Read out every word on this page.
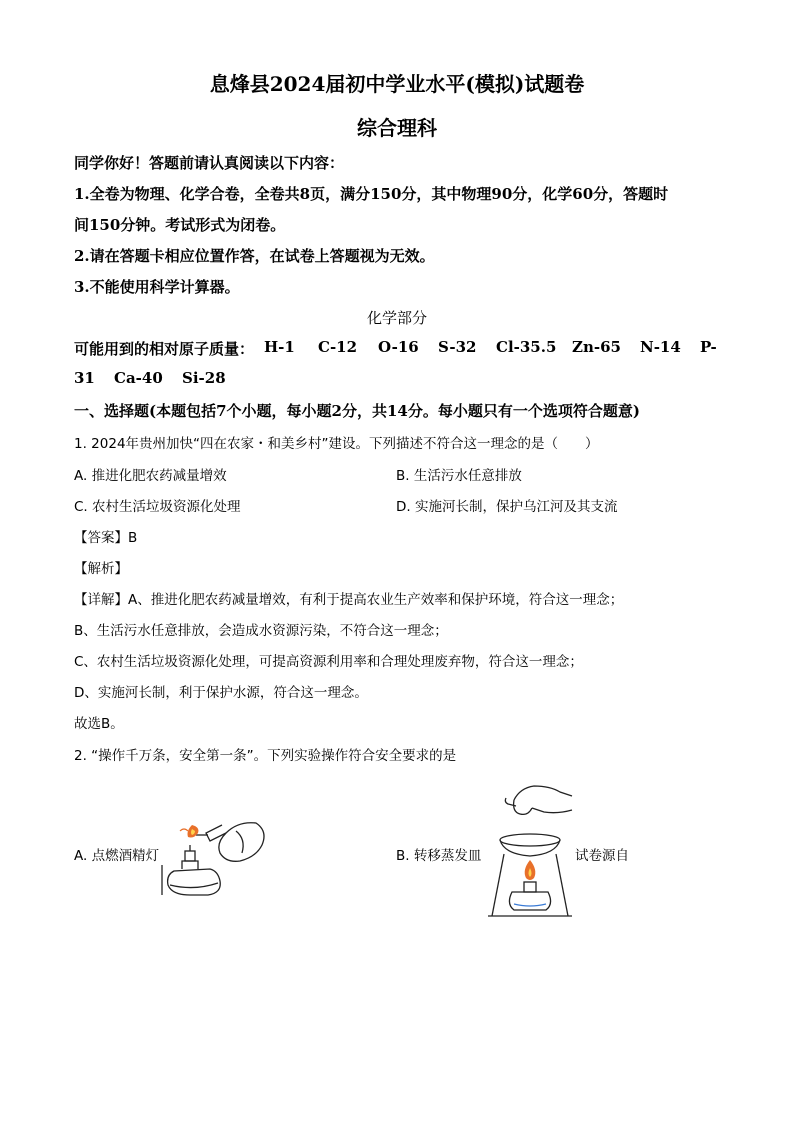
息烽县2024届初中学业水平(模拟)试题卷
综合理科
同学你好！答题前请认真阅读以下内容：
1.全卷为物理、化学合卷，全卷共8页，满分150分，其中物理90分，化学60分，答题时
间150分钟。考试形式为闭卷。
2.请在答题卡相应位置作答，在试卷上答题视为无效。
3.不能使用科学计算器。
化学部分
可能用到的相对原子质量： H-1 C-12 O-16 S-32 Cl-35.5 Zn-65 N-14 P-
31 Ca-40 Si-28
一、选择题(本题包括7个小题，每小题2分，共14分。每小题只有一个选项符合题意)
1. 2024年贵州加快“四在农家・和美乡村”建设。下列描述不符合这一理念的是（　　）
A. 推进化肥农药减量增效	B. 生活污水任意排放
C. 农村生活垃圾资源化处理	D. 实施河长制，保护乌江河及其支流
【答案】B
【解析】
【详解】A、推进化肥农药减量增效，有利于提高农业生产效率和保护环境，符合这一理念；
B、生活污水任意排放，会造成水资源污染，不符合这一理念；
C、农村生活垃圾资源化处理，可提高资源利用率和合理处理废弃物，符合这一理念；
D、实施河长制，利于保护水源，符合这一理念。
故选B。
2. “操作千万条，安全第一条”。下列实验操作符合安全要求的是
A. 点燃酒精灯	B. 转移蒸发皿	试卷源自
